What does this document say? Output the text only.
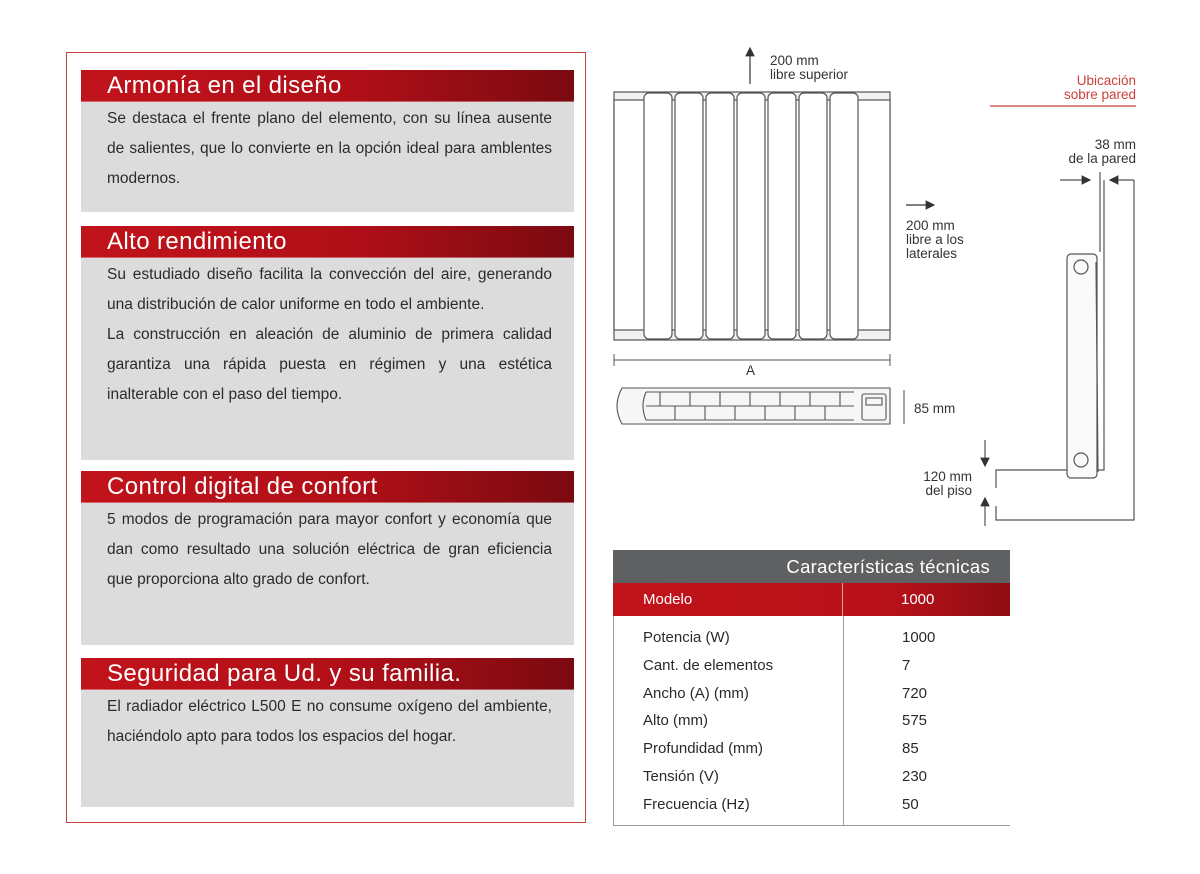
Armonía en el diseño

Se destaca el frente plano del elemento, con su línea ausente de salientes, que lo convierte en la opción ideal para amblentes modernos.

Alto rendimiento

Su estudiado diseño facilita la convección del aire, generando una distribución de calor uniforme en todo el ambiente.

La construcción en aleación de aluminio de primera calidad garantiza una rápida puesta en régimen y una estética inalterable con el paso del tiempo.

Control digital de confort

5 modos de programación para mayor confort y economía que dan como resultado una solución eléctrica de gran eficiencia que proporciona alto grado de confort.

Seguridad para Ud. y su familia.

El radiador eléctrico L500 E no consume oxígeno del ambiente, haciéndolo apto para todos los espacios del hogar.

200 mm
libre superior
200 mm
libre a los
laterales
A
85 mm
Ubicación
sobre pared
38 mm
de la pared
120 mm
del piso
Características técnicas
Modelo	1000
Potencia (W)	1000
Cant. de elementos	7
Ancho (A) (mm)	720
Alto (mm)	575
Profundidad (mm)	85
Tensión (V)	230
Frecuencia (Hz)	50
